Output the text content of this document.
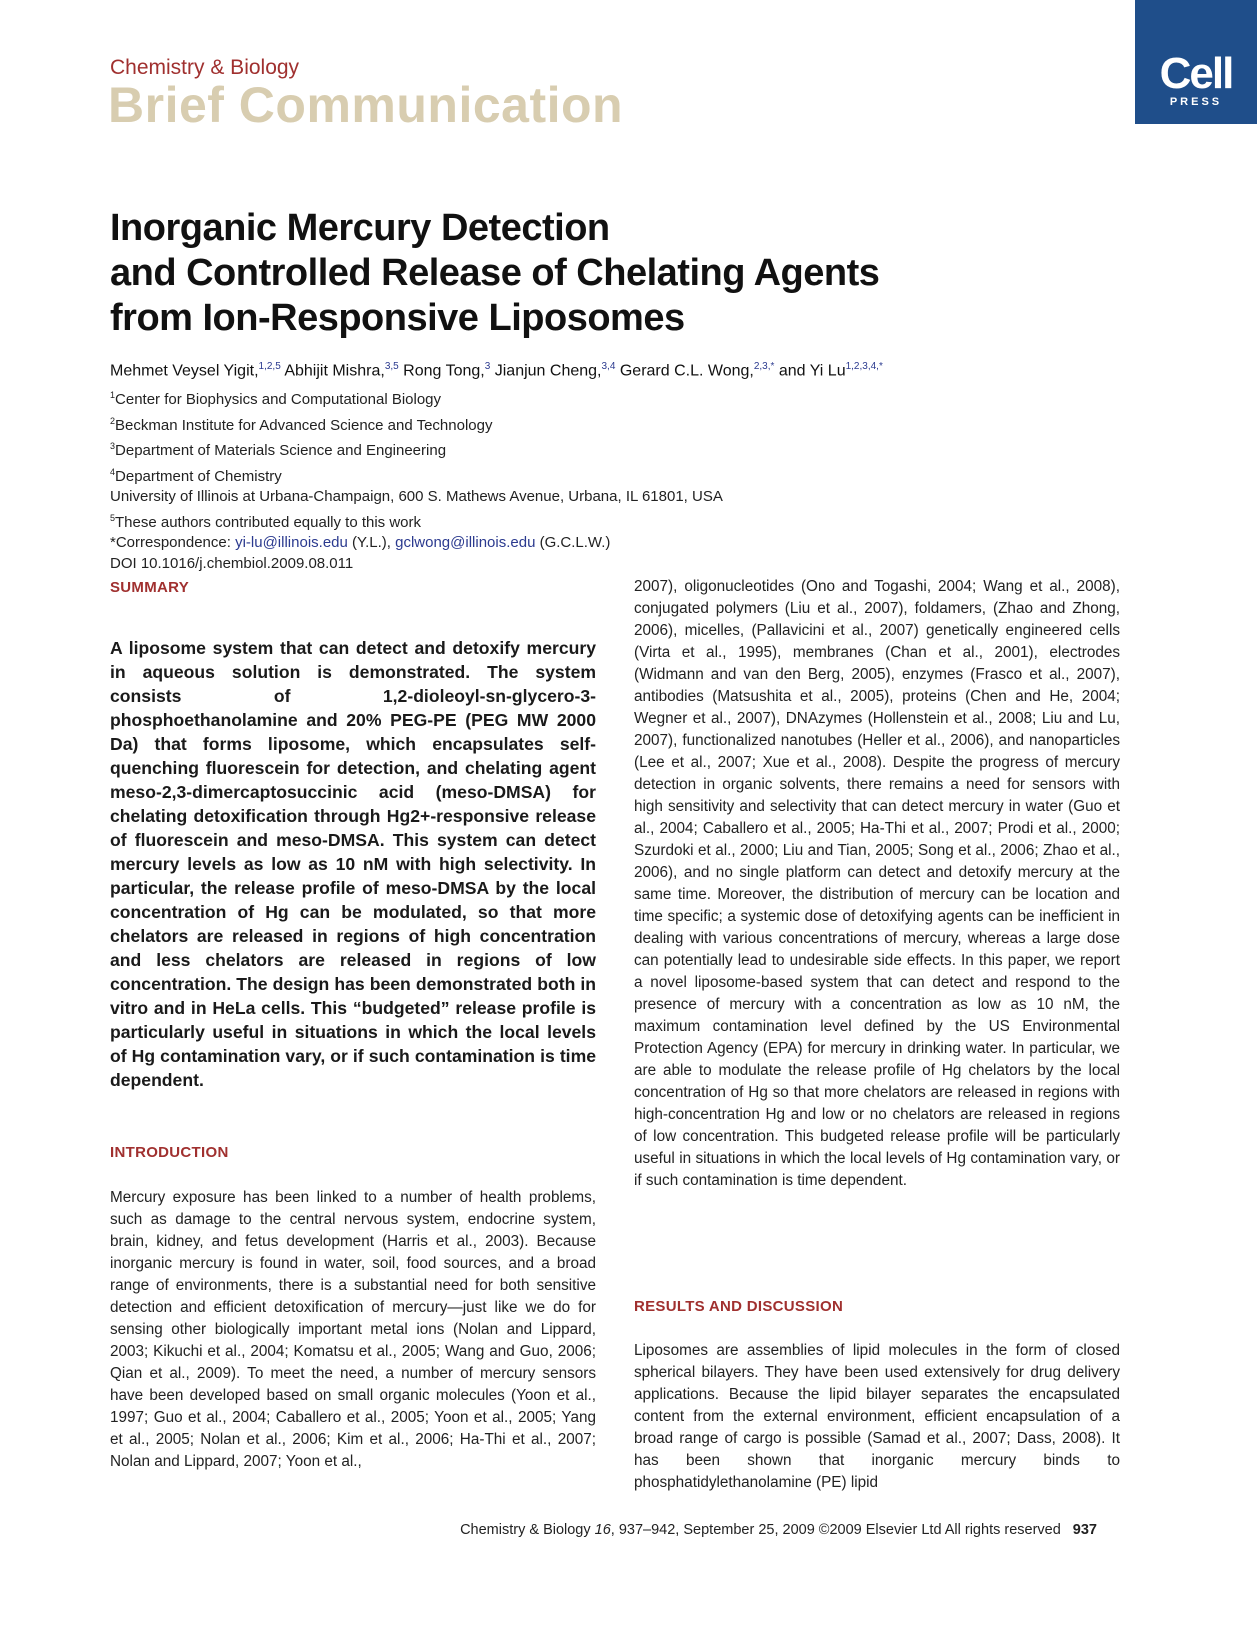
Chemistry & Biology
Brief Communication
Cell
PRESS
Inorganic Mercury Detection
and Controlled Release of Chelating Agents
from Ion-Responsive Liposomes
Mehmet Veysel Yigit,$^{1,2,5}$ Abhijit Mishra,$^{3,5}$ Rong Tong,$^3$ Jianjun Cheng,$^{3,4}$ Gerard C.L. Wong,$^{2,3,*}$ and Yi $Lu^{1,2,3,4,*}$
$^1$Center for Biophysics and Computational Biology
$^2$Beckman Institute for Advanced Science and Technology
$^3$Department of Materials Science and Engineering
$^4$Department of Chemistry
University of Illinois at Urbana-Champaign, 600 S. Mathews Avenue, Urbana, IL 61801, USA
$^5$These authors contributed equally to this work
*Correspondence: yi-lu@illinois.edu (Y.L.), gclwong@illinois.edu (G.C.L.W.)
DOI 10.1016/j.chembiol.2009.08.011
SUMMARY
A liposome system that can detect and detoxify mercury in aqueous solution is demonstrated. The system consists of 1,2-dioleoyl-sn-glycero-3-phosphoethanolamine and 20% PEG-PE (PEG MW 2000 Da) that forms liposome, which encapsulates self-quenching fluorescein for detection, and chelating agent meso-2,3-dimercaptosuccinic acid (meso-DMSA) for chelating detoxification through Hg2+-responsive release of fluorescein and meso-DMSA. This system can detect mercury levels as low as 10 nM with high selectivity. In particular, the release profile of meso-DMSA by the local concentration of Hg can be modulated, so that more chelators are released in regions of high concentration and less chelators are released in regions of low concentration. The design has been demonstrated both in vitro and in HeLa cells. This “budgeted” release profile is particularly useful in situations in which the local levels of Hg contamination vary, or if such contamination is time dependent.
INTRODUCTION
Mercury exposure has been linked to a number of health problems, such as damage to the central nervous system, endocrine system, brain, kidney, and fetus development (Harris et al., 2003). Because inorganic mercury is found in water, soil, food sources, and a broad range of environments, there is a substantial need for both sensitive detection and efficient detoxification of mercury—just like we do for sensing other biologically important metal ions (Nolan and Lippard, 2003; Kikuchi et al., 2004; Komatsu et al., 2005; Wang and Guo, 2006; Qian et al., 2009). To meet the need, a number of mercury sensors have been developed based on small organic molecules (Yoon et al., 1997; Guo et al., 2004; Caballero et al., 2005; Yoon et al., 2005; Yang et al., 2005; Nolan et al., 2006; Kim et al., 2006; Ha-Thi et al., 2007; Nolan and Lippard, 2007; Yoon et al.,
2007), oligonucleotides (Ono and Togashi, 2004; Wang et al., 2008), conjugated polymers (Liu et al., 2007), foldamers, (Zhao and Zhong, 2006), micelles, (Pallavicini et al., 2007) genetically engineered cells (Virta et al., 1995), membranes (Chan et al., 2001), electrodes (Widmann and van den Berg, 2005), enzymes (Frasco et al., 2007), antibodies (Matsushita et al., 2005), proteins (Chen and He, 2004; Wegner et al., 2007), DNAzymes (Hollenstein et al., 2008; Liu and Lu, 2007), functionalized nanotubes (Heller et al., 2006), and nanoparticles (Lee et al., 2007; Xue et al., 2008). Despite the progress of mercury detection in organic solvents, there remains a need for sensors with high sensitivity and selectivity that can detect mercury in water (Guo et al., 2004; Caballero et al., 2005; Ha-Thi et al., 2007; Prodi et al., 2000; Szurdoki et al., 2000; Liu and Tian, 2005; Song et al., 2006; Zhao et al., 2006), and no single platform can detect and detoxify mercury at the same time. Moreover, the distribution of mercury can be location and time specific; a systemic dose of detoxifying agents can be inefficient in dealing with various concentrations of mercury, whereas a large dose can potentially lead to undesirable side effects. In this paper, we report a novel liposome-based system that can detect and respond to the presence of mercury with a concentration as low as 10 nM, the maximum contamination level defined by the US Environmental Protection Agency (EPA) for mercury in drinking water. In particular, we are able to modulate the release profile of Hg chelators by the local concentration of Hg so that more chelators are released in regions with high-concentration Hg and low or no chelators are released in regions of low concentration. This budgeted release profile will be particularly useful in situations in which the local levels of Hg contamination vary, or if such contamination is time dependent.
RESULTS AND DISCUSSION
Liposomes are assemblies of lipid molecules in the form of closed spherical bilayers. They have been used extensively for drug delivery applications. Because the lipid bilayer separates the encapsulated content from the external environment, efficient encapsulation of a broad range of cargo is possible (Samad et al., 2007; Dass, 2008). It has been shown that inorganic mercury binds to phosphatidylethanolamine (PE) lipid
Chemistry & Biology 16, 937–942, September 25, 2009 ©2009 Elsevier Ltd All rights reserved 937
